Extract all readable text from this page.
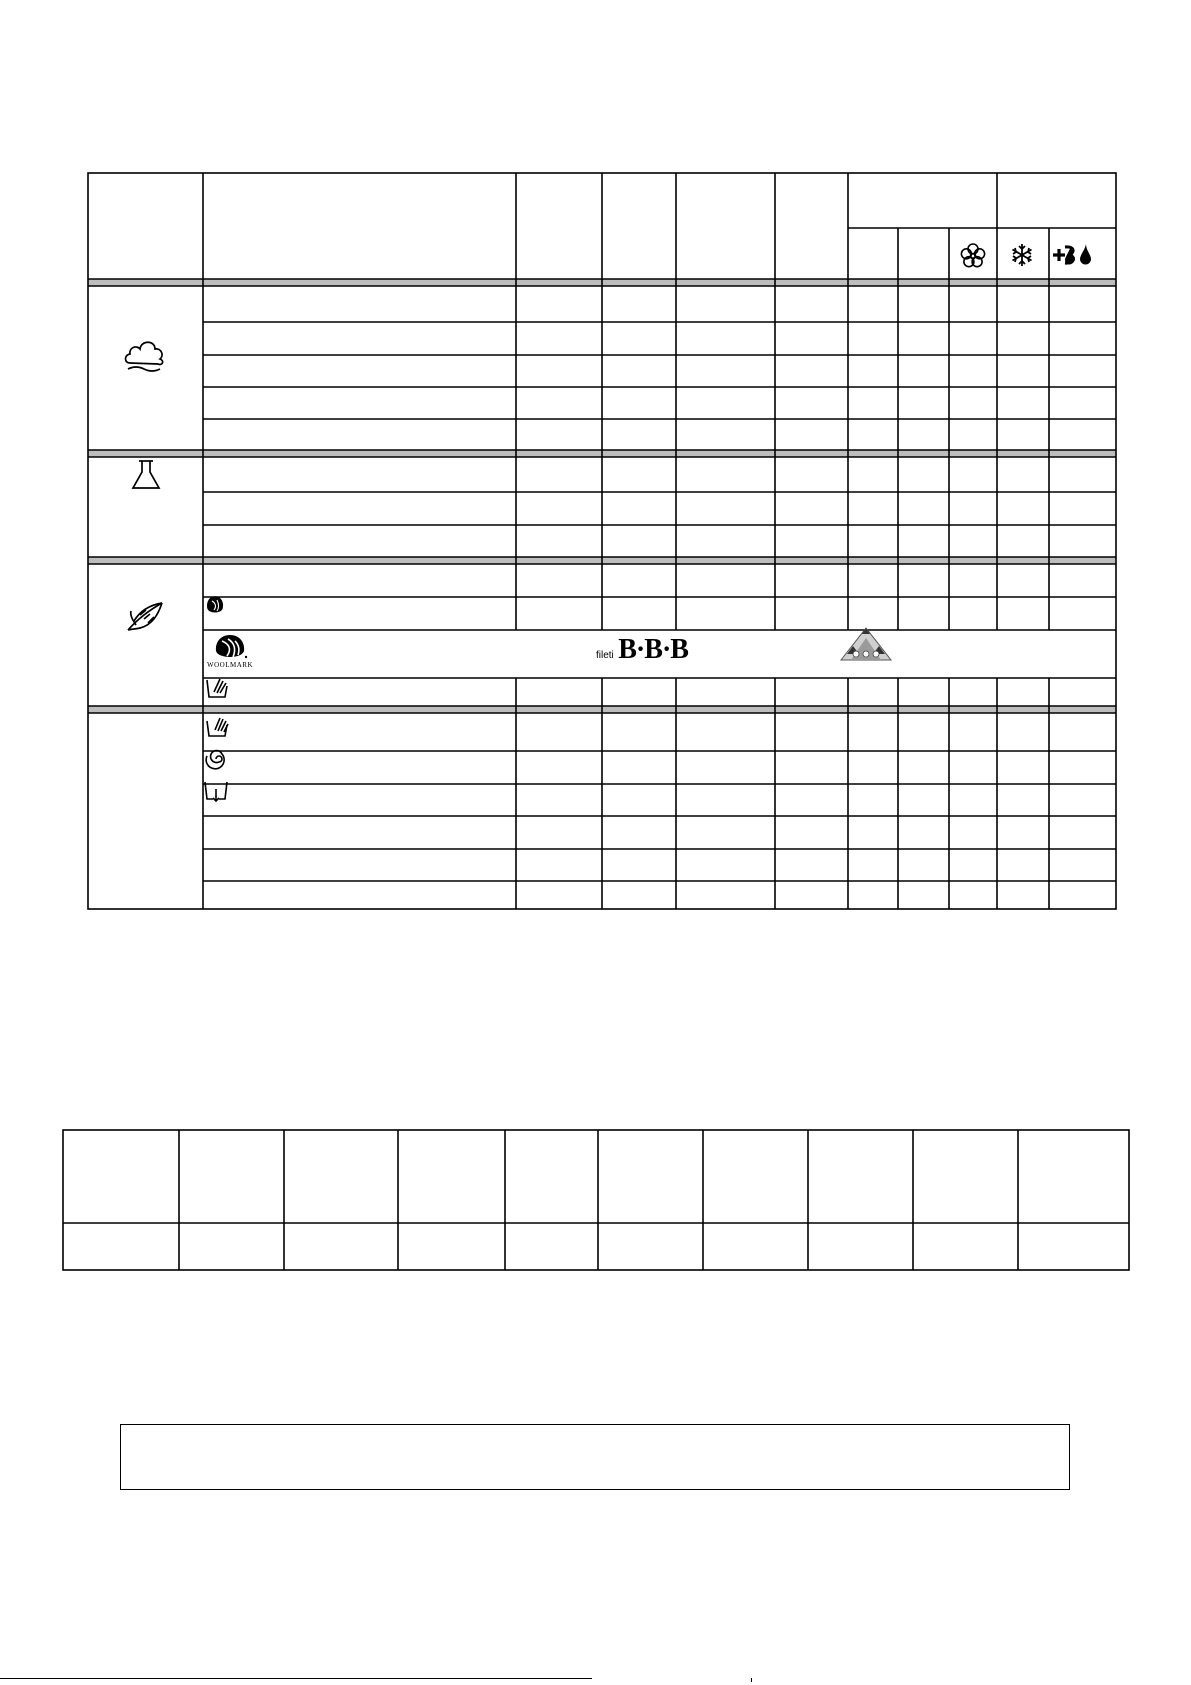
WOOLMARK
fileti B·B·B
